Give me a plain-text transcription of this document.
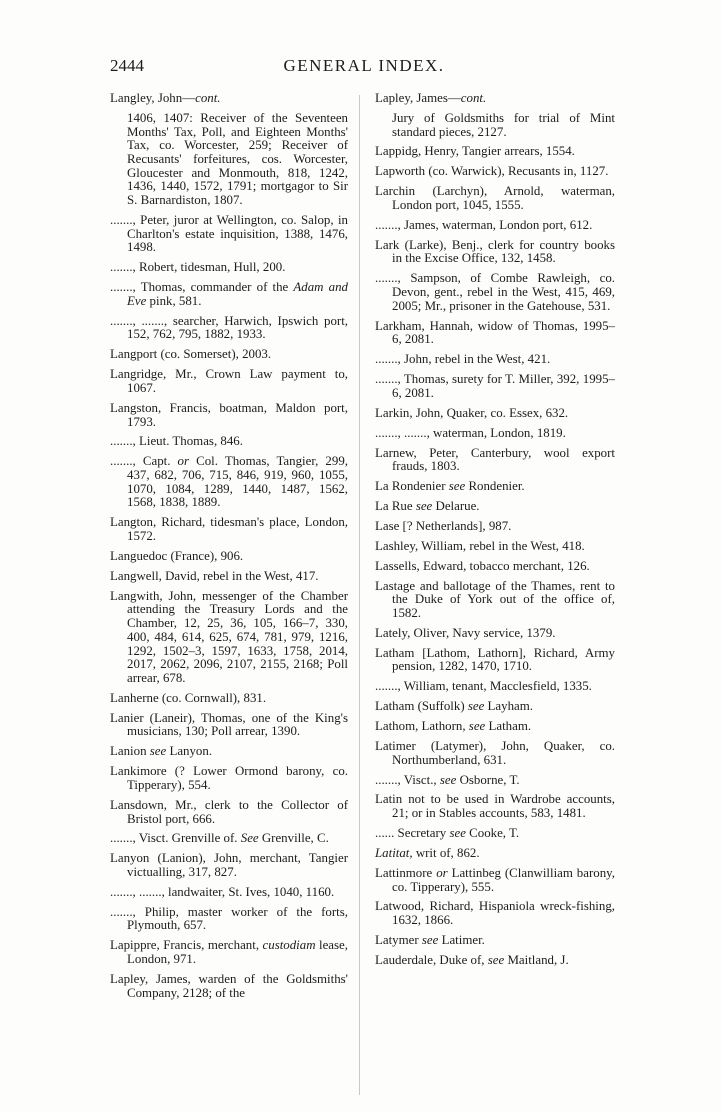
2444	GENERAL INDEX.

Langley, John—cont.

1406, 1407: Receiver of the Seventeen Months' Tax, Poll, and Eighteen Months' Tax, co. Worcester, 259; Receiver of Recusants' forfeitures, cos. Worcester, Gloucester and Monmouth, 818, 1242, 1436, 1440, 1572, 1791; mortgagor to Sir S. Barnardiston, 1807.

......., Peter, juror at Wellington, co. Salop, in Charlton's estate inquisition, 1388, 1476, 1498.

......., Robert, tidesman, Hull, 200.

......., Thomas, commander of the Adam and Eve pink, 581.

......., ......., searcher, Harwich, Ipswich port, 152, 762, 795, 1882, 1933.

Langport (co. Somerset), 2003.

Langridge, Mr., Crown Law payment to, 1067.

Langston, Francis, boatman, Maldon port, 1793.

......., Lieut. Thomas, 846.

......., Capt. or Col. Thomas, Tangier, 299, 437, 682, 706, 715, 846, 919, 960, 1055, 1070, 1084, 1289, 1440, 1487, 1562, 1568, 1838, 1889.

Langton, Richard, tidesman's place, London, 1572.

Languedoc (France), 906.

Langwell, David, rebel in the West, 417.

Langwith, John, messenger of the Chamber attending the Treasury Lords and the Chamber, 12, 25, 36, 105, 166–7, 330, 400, 484, 614, 625, 674, 781, 979, 1216, 1292, 1502–3, 1597, 1633, 1758, 2014, 2017, 2062, 2096, 2107, 2155, 2168; Poll arrear, 678.

Lanherne (co. Cornwall), 831.

Lanier (Laneir), Thomas, one of the King's musicians, 130; Poll arrear, 1390.

Lanion see Lanyon.

Lankimore (? Lower Ormond barony, co. Tipperary), 554.

Lansdown, Mr., clerk to the Collector of Bristol port, 666.

......., Visct. Grenville of. See Grenville, C.

Lanyon (Lanion), John, merchant, Tangier victualling, 317, 827.

......., ......., landwaiter, St. Ives, 1040, 1160.

......., Philip, master worker of the forts, Plymouth, 657.

Lapippre, Francis, merchant, custodiam lease, London, 971.

Lapley, James, warden of the Goldsmiths' Company, 2128; of the

Lapley, James—cont.

Jury of Goldsmiths for trial of Mint standard pieces, 2127.

Lappidg, Henry, Tangier arrears, 1554.

Lapworth (co. Warwick), Recusants in, 1127.

Larchin (Larchyn), Arnold, waterman, London port, 1045, 1555.

......., James, waterman, London port, 612.

Lark (Larke), Benj., clerk for country books in the Excise Office, 132, 1458.

......., Sampson, of Combe Rawleigh, co. Devon, gent., rebel in the West, 415, 469, 2005; Mr., prisoner in the Gatehouse, 531.

Larkham, Hannah, widow of Thomas, 1995–6, 2081.

......., John, rebel in the West, 421.

......., Thomas, surety for T. Miller, 392, 1995–6, 2081.

Larkin, John, Quaker, co. Essex, 632.

......., ......., waterman, London, 1819.

Larnew, Peter, Canterbury, wool export frauds, 1803.

La Rondenier see Rondenier.

La Rue see Delarue.

Lase [? Netherlands], 987.

Lashley, William, rebel in the West, 418.

Lassells, Edward, tobacco merchant, 126.

Lastage and ballotage of the Thames, rent to the Duke of York out of the office of, 1582.

Lately, Oliver, Navy service, 1379.

Latham [Lathom, Lathorn], Richard, Army pension, 1282, 1470, 1710.

......., William, tenant, Macclesfield, 1335.

Latham (Suffolk) see Layham.

Lathom, Lathorn, see Latham.

Latimer (Latymer), John, Quaker, co. Northumberland, 631.

......., Visct., see Osborne, T.

Latin not to be used in Wardrobe accounts, 21; or in Stables accounts, 583, 1481.

...... Secretary see Cooke, T.

Latitat, writ of, 862.

Lattinmore or Lattinbeg (Clanwilliam barony, co. Tipperary), 555.

Latwood, Richard, Hispaniola wreck-fishing, 1632, 1866.

Latymer see Latimer.

Lauderdale, Duke of, see Maitland, J.
